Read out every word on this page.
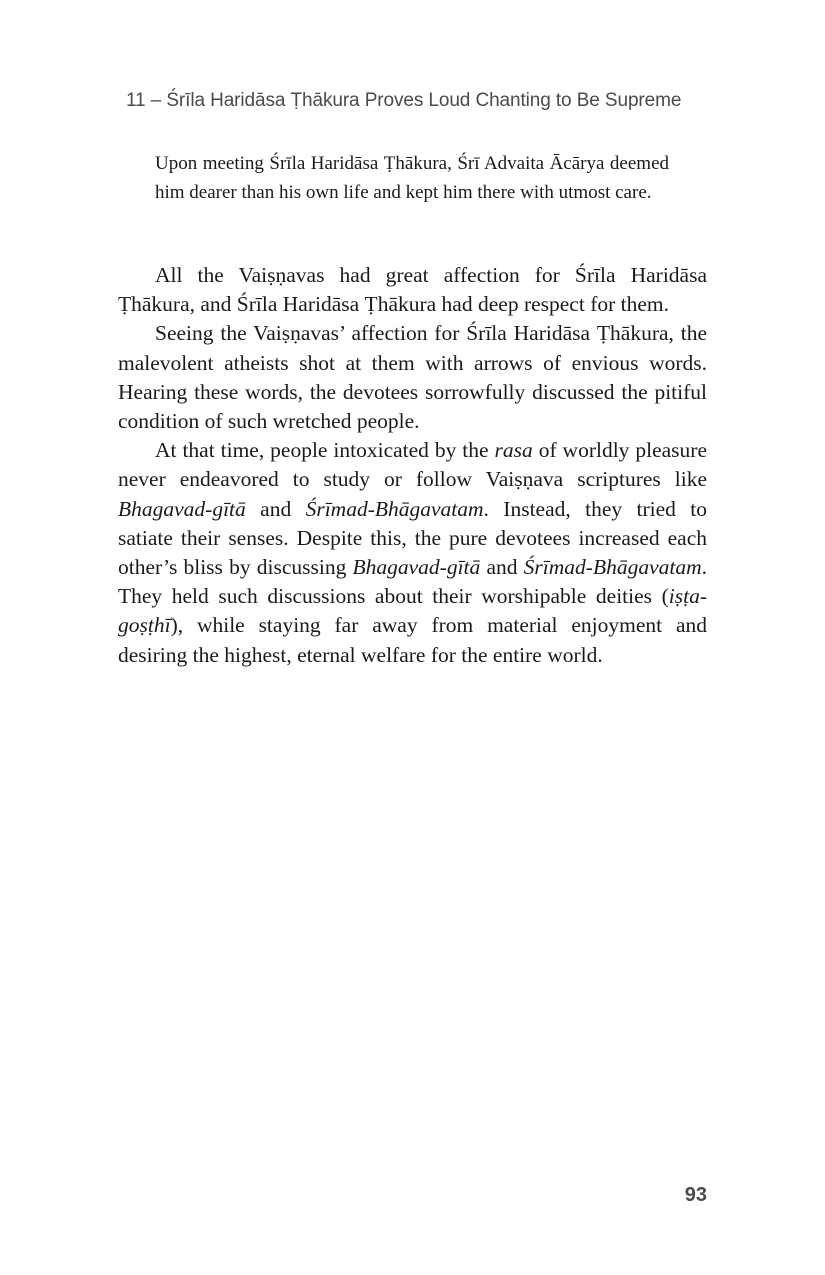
11 – Śrīla Haridāsa Ṭhākura Proves Loud Chanting to Be Supreme

Upon meeting Śrīla Haridāsa Ṭhākura, Śrī Advaita Ācārya deemed him dearer than his own life and kept him there with utmost care.

All the Vaiṣṇavas had great affection for Śrīla Haridāsa Ṭhākura, and Śrīla Haridāsa Ṭhākura had deep respect for them.

Seeing the Vaiṣṇavas’ affection for Śrīla Haridāsa Ṭhākura, the malevolent atheists shot at them with arrows of envious words. Hearing these words, the devotees sorrowfully discussed the pitiful condition of such wretched people.

At that time, people intoxicated by the rasa of worldly pleasure never endeavored to study or follow Vaiṣṇava scriptures like Bhagavad-gītā and Śrīmad-Bhāgavatam. Instead, they tried to satiate their senses. Despite this, the pure devotees increased each other’s bliss by discussing Bhagavad-gītā and Śrīmad-Bhāgavatam. They held such discussions about their worshipable deities (iṣṭa-goṣṭhī), while staying far away from material enjoyment and desiring the highest, eternal welfare for the entire world.

93
